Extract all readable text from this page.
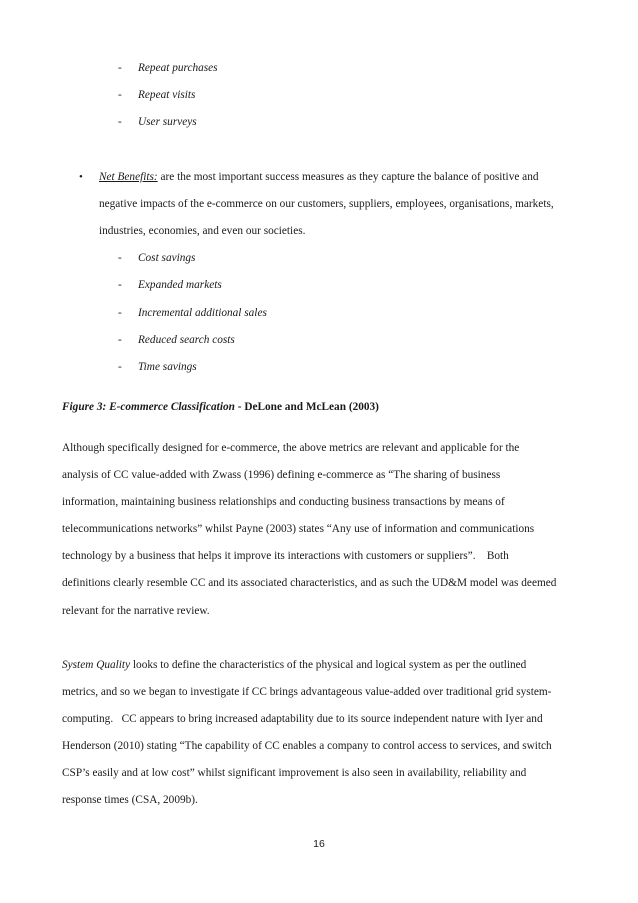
- Repeat purchases
- Repeat visits
- User surveys
• Net Benefits: are the most important success measures as they capture the balance of positive and
negative impacts of the e-commerce on our customers, suppliers, employees, organisations, markets,
industries, economies, and even our societies.
- Cost savings
- Expanded markets
- Incremental additional sales
- Reduced search costs
- Time savings
Figure 3: E-commerce Classification - DeLone and McLean (2003)
Although specifically designed for e-commerce, the above metrics are relevant and applicable for the
analysis of CC value-added with Zwass (1996) defining e-commerce as “The sharing of business
information, maintaining business relationships and conducting business transactions by means of
telecommunications networks” whilst Payne (2003) states “Any use of information and communications
technology by a business that helps it improve its interactions with customers or suppliers”.    Both
definitions clearly resemble CC and its associated characteristics, and as such the UD&M model was deemed
relevant for the narrative review.
System Quality looks to define the characteristics of the physical and logical system as per the outlined
metrics, and so we began to investigate if CC brings advantageous value-added over traditional grid system-
computing.   CC appears to bring increased adaptability due to its source independent nature with Iyer and
Henderson (2010) stating “The capability of CC enables a company to control access to services, and switch
CSP’s easily and at low cost” whilst significant improvement is also seen in availability, reliability and
response times (CSA, 2009b).
16
